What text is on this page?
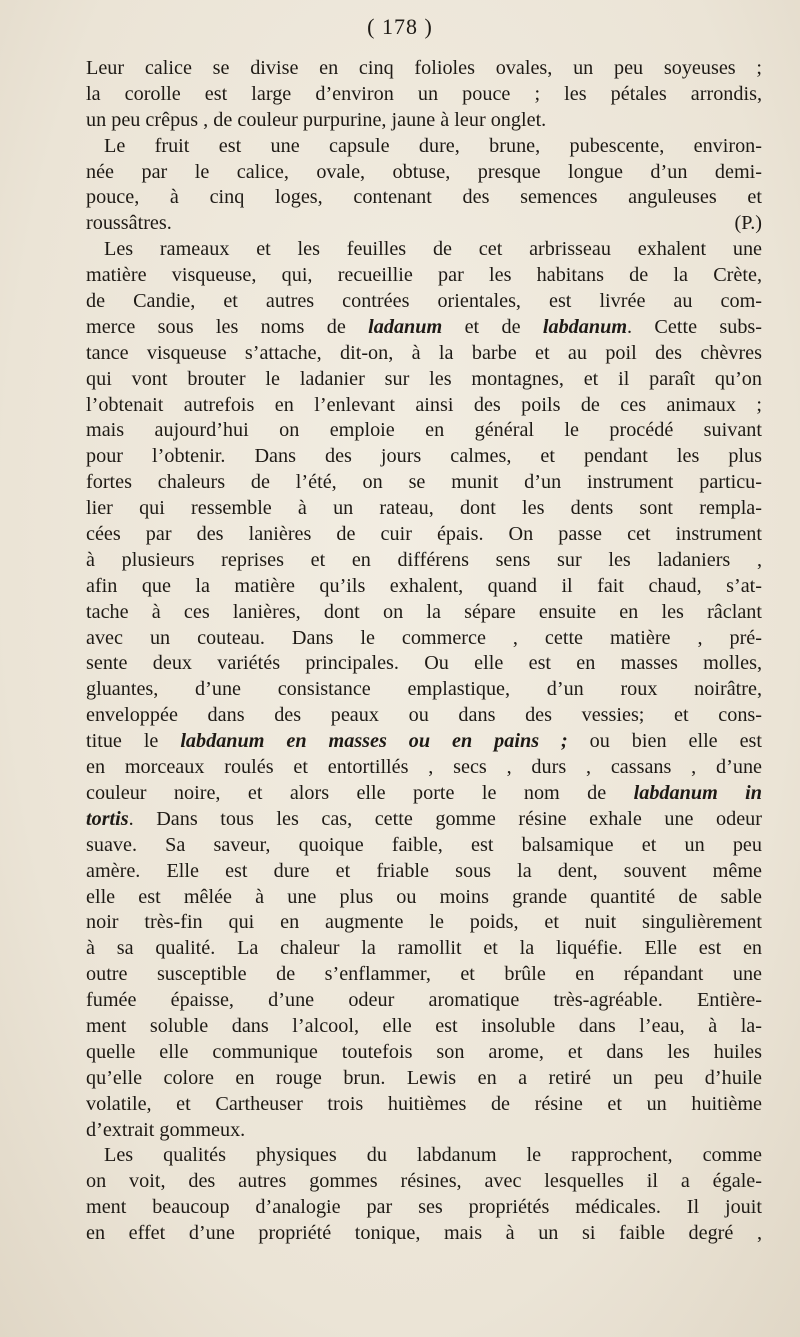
( 178 )
Leur calice se divise en cinq folioles ovales, un peu soyeuses ;
la corolle est large d’environ un pouce ; les pétales arrondis,
un peu crêpus , de couleur purpurine, jaune à leur onglet.
Le fruit est une capsule dure, brune, pubescente, environ-
née par le calice, ovale, obtuse, presque longue d’un demi-
pouce, à cinq loges, contenant des semences anguleuses et
roussâtres.	(P.)
Les rameaux et les feuilles de cet arbrisseau exhalent une
matière visqueuse, qui, recueillie par les habitans de la Crète,
de Candie, et autres contrées orientales, est livrée au com-
merce sous les noms de ladanum et de labdanum. Cette subs-
tance visqueuse s’attache, dit-on, à la barbe et au poil des chèvres
qui vont brouter le ladanier sur les montagnes, et il paraît qu’on
l’obtenait autrefois en l’enlevant ainsi des poils de ces animaux ;
mais aujourd’hui on emploie en général le procédé suivant
pour l’obtenir. Dans des jours calmes, et pendant les plus
fortes chaleurs de l’été, on se munit d’un instrument particu-
lier qui ressemble à un rateau, dont les dents sont rempla-
cées par des lanières de cuir épais. On passe cet instrument
à plusieurs reprises et en différens sens sur les ladaniers ,
afin que la matière qu’ils exhalent, quand il fait chaud, s’at-
tache à ces lanières, dont on la sépare ensuite en les râclant
avec un couteau. Dans le commerce , cette matière , pré-
sente deux variétés principales. Ou elle est en masses molles,
gluantes, d’une consistance emplastique, d’un roux noirâtre,
enveloppée dans des peaux ou dans des vessies; et cons-
titue le labdanum en masses ou en pains ; ou bien elle est
en morceaux roulés et entortillés , secs , durs , cassans , d’une
couleur noire, et alors elle porte le nom de labdanum in
tortis. Dans tous les cas, cette gomme résine exhale une odeur
suave. Sa saveur, quoique faible, est balsamique et un peu
amère. Elle est dure et friable sous la dent, souvent même
elle est mêlée à une plus ou moins grande quantité de sable
noir très-fin qui en augmente le poids, et nuit singulièrement
à sa qualité. La chaleur la ramollit et la liquéfie. Elle est en
outre susceptible de s’enflammer, et brûle en répandant une
fumée épaisse, d’une odeur aromatique très-agréable. Entière-
ment soluble dans l’alcool, elle est insoluble dans l’eau, à la-
quelle elle communique toutefois son arome, et dans les huiles
qu’elle colore en rouge brun. Lewis en a retiré un peu d’huile
volatile, et Cartheuser trois huitièmes de résine et un huitième
d’extrait gommeux.
Les qualités physiques du labdanum le rapprochent, comme
on voit, des autres gommes résines, avec lesquelles il a égale-
ment beaucoup d’analogie par ses propriétés médicales. Il jouit
en effet d’une propriété tonique, mais à un si faible degré ,
